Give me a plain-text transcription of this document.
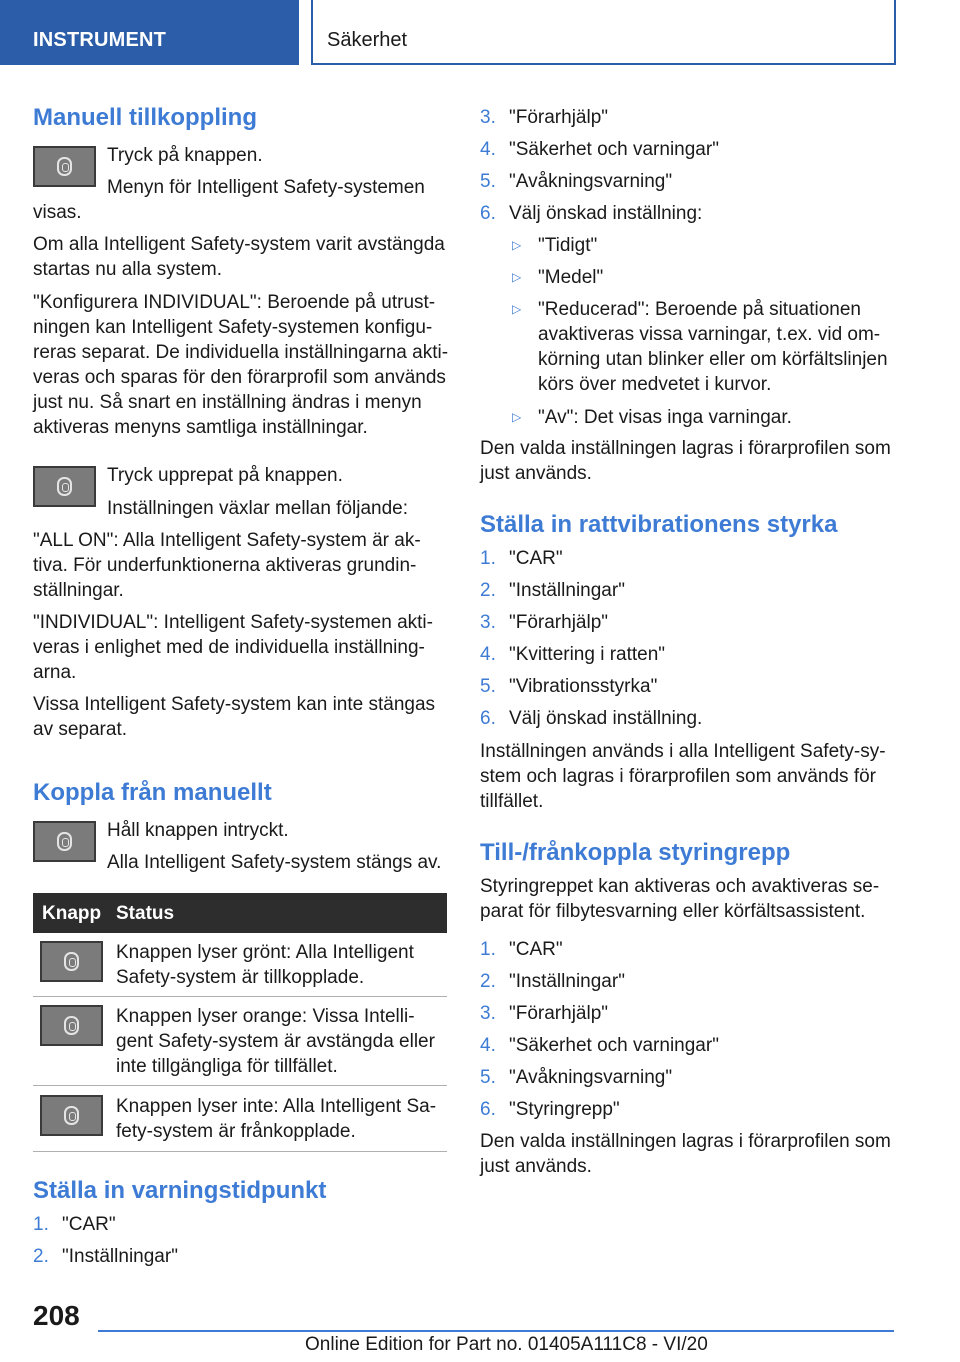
INSTRUMENT	Säkerhet
Manuell tillkoppling
Tryck på knappen.
Menyn för Intelligent Safety-systemen
visas.
Om alla Intelligent Safety-system varit avstängda
startas nu alla system.
"Konfigurera INDIVIDUAL": Beroende på utrust-
ningen kan Intelligent Safety-systemen konfigu-
reras separat. De individuella inställningarna akti-
veras och sparas för den förarprofil som används
just nu. Så snart en inställning ändras i menyn
aktiveras menyns samtliga inställningar.
Tryck upprepat på knappen.
Inställningen växlar mellan följande:
"ALL ON": Alla Intelligent Safety-system är ak-
tiva. För underfunktionerna aktiveras grundin-
ställningar.
"INDIVIDUAL": Intelligent Safety-systemen akti-
veras i enlighet med de individuella inställning-
arna.
Vissa Intelligent Safety-system kan inte stängas
av separat.
Koppla från manuellt
Håll knappen intryckt.
Alla Intelligent Safety-system stängs av.
Knapp Status
Knappen lyser grönt: Alla Intelligent
Safety-system är tillkopplade.
Knappen lyser orange: Vissa Intelli-
gent Safety-system är avstängda eller
inte tillgängliga för tillfället.
Knappen lyser inte: Alla Intelligent Sa-
fety-system är frånkopplade.
Ställa in varningstidpunkt
1. "CAR"
2. "Inställningar"
3. "Förarhjälp"
4. "Säkerhet och varningar"
5. "Avåkningsvarning"
6. Välj önskad inställning:
▷ "Tidigt"
▷ "Medel"
▷ "Reducerad": Beroende på situationen
avaktiveras vissa varningar, t.ex. vid om-
körning utan blinker eller om körfältslinjen
körs över medvetet i kurvor.
▷ "Av": Det visas inga varningar.
Den valda inställningen lagras i förarprofilen som
just används.
Ställa in rattvibrationens styrka
1. "CAR"
2. "Inställningar"
3. "Förarhjälp"
4. "Kvittering i ratten"
5. "Vibrationsstyrka"
6. Välj önskad inställning.
Inställningen används i alla Intelligent Safety-sy-
stem och lagras i förarprofilen som används för
tillfället.
Till-/frånkoppla styringrepp
Styringreppet kan aktiveras och avaktiveras se-
parat för filbytesvarning eller körfältsassistent.
1. "CAR"
2. "Inställningar"
3. "Förarhjälp"
4. "Säkerhet och varningar"
5. "Avåkningsvarning"
6. "Styringrepp"
Den valda inställningen lagras i förarprofilen som
just används.
208
Online Edition for Part no. 01405A111C8 - VI/20
